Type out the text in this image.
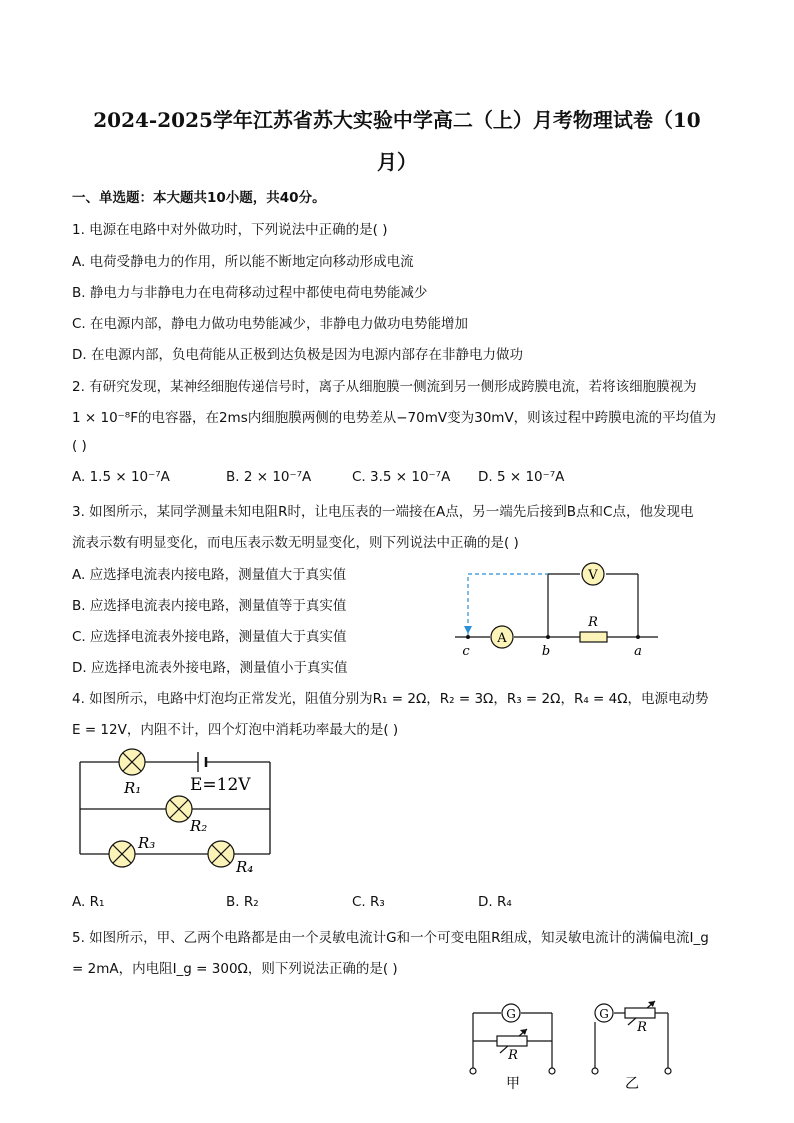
2024-2025学年江苏省苏大实验中学高二（上）月考物理试卷（10
月）
一、单选题：本大题共10小题，共40分。
1. 电源在电路中对外做功时，下列说法中正确的是( )
A. 电荷受静电力的作用，所以能不断地定向移动形成电流
B. 静电力与非静电力在电荷移动过程中都使电荷电势能减少
C. 在电源内部，静电力做功电势能减少，非静电力做功电势能增加
D. 在电源内部，负电荷能从正极到达负极是因为电源内部存在非静电力做功
2. 有研究发现，某神经细胞传递信号时，离子从细胞膜一侧流到另一侧形成跨膜电流，若将该细胞膜视为
1 × 10⁻⁸F的电容器，在2ms内细胞膜两侧的电势差从−70mV变为30mV，则该过程中跨膜电流的平均值为
( )
A. 1.5 × 10⁻⁷A	B. 2 × 10⁻⁷A	C. 3.5 × 10⁻⁷A D. 5 × 10⁻⁷A
3. 如图所示，某同学测量未知电阻R时，让电压表的一端接在A点，另一端先后接到B点和C点，他发现电
流表示数有明显变化，而电压表示数无明显变化，则下列说法中正确的是( )
A. 应选择电流表内接电路，测量值大于真实值
B. 应选择电流表内接电路，测量值等于真实值
C. 应选择电流表外接电路，测量值大于真实值
D. 应选择电流表外接电路，测量值小于真实值
V
A
R
c	b	a
E=12V
R₁
R₂
R₃
R₄
G
R
甲
G
R
乙
4. 如图所示，电路中灯泡均正常发光，阻值分别为R₁ = 2Ω，R₂ = 3Ω，R₃ = 2Ω，R₄ = 4Ω，电源电动势
E = 12V，内阻不计，四个灯泡中消耗功率最大的是( )
A. R₁	B. R₂	C. R₃	D. R₄
5. 如图所示，甲、乙两个电路都是由一个灵敏电流计G和一个可变电阻R组成，知灵敏电流计的满偏电流I_g
= 2mA，内电阻I_g = 300Ω，则下列说法正确的是( )
